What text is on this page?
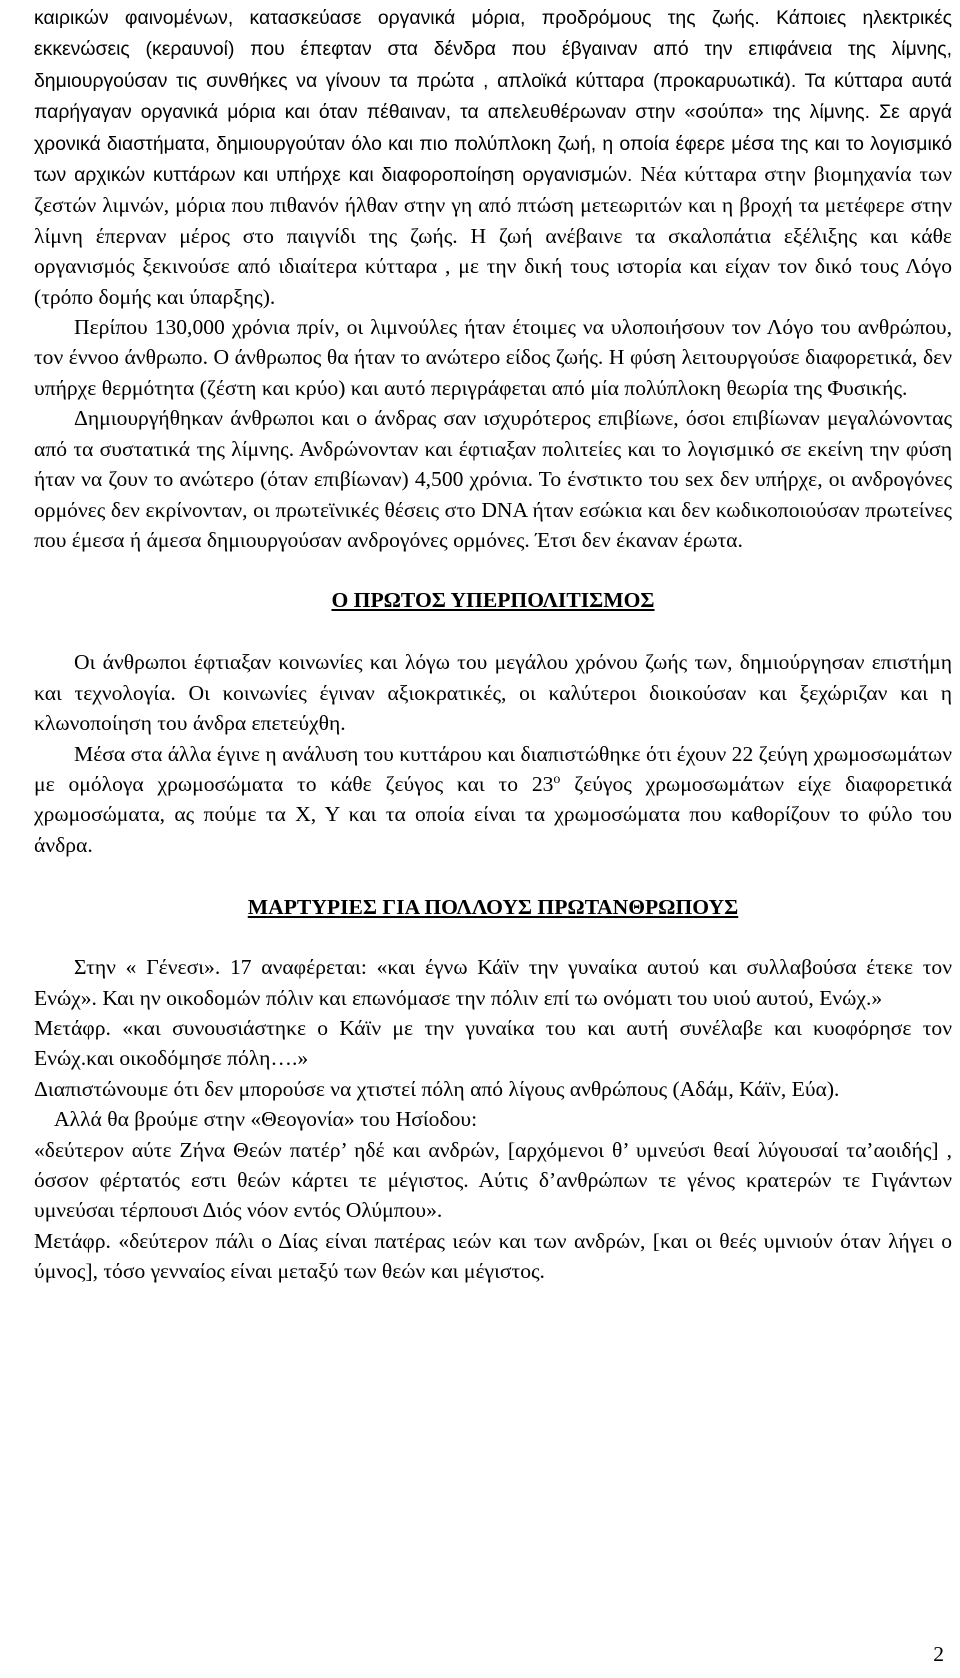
καιρικών φαινομένων, κατασκεύασε οργανικά μόρια, προδρόμους της ζωής. Κάποιες ηλεκτρικές εκκενώσεις (κεραυνοί) που έπεφταν στα δένδρα που έβγαιναν από την επιφάνεια της λίμνης, δημιουργούσαν τις συνθήκες να γίνουν τα πρώτα , απλοϊκά κύτταρα (προκαρυωτικά). Τα κύτταρα αυτά παρήγαγαν οργανικά μόρια και όταν πέθαιναν, τα απελευθέρωναν στην «σούπα» της λίμνης. Σε αργά χρονικά διαστήματα, δημιουργούταν όλο και πιο πολύπλοκη ζωή, η οποία έφερε μέσα της και το λογισμικό των αρχικών κυττάρων και υπήρχε και διαφοροποίηση οργανισμών. Νέα κύτταρα στην βιομηχανία των ζεστών λιμνών, μόρια που πιθανόν ήλθαν στην γη από πτώση μετεωριτών και η βροχή τα μετέφερε στην λίμνη έπερναν μέρος στο παιγνίδι της ζωής. Η ζωή ανέβαινε τα σκαλοπάτια εξέλιξης και κάθε οργανισμός ξεκινούσε από ιδιαίτερα κύτταρα , με την δική τους ιστορία και είχαν τον δικό τους Λόγο (τρόπο δομής και ύπαρξης).

Περίπου 130,000 χρόνια πρίν, οι λιμνούλες ήταν έτοιμες να υλοποιήσουν τον Λόγο του ανθρώπου, τον έννοο άνθρωπο. Ο άνθρωπος θα ήταν το ανώτερο είδος ζωής. Η φύση λειτουργούσε διαφορετικά, δεν υπήρχε θερμότητα (ζέστη και κρύο) και αυτό περιγράφεται από μία πολύπλοκη θεωρία της Φυσικής.

Δημιουργήθηκαν άνθρωποι και ο άνδρας σαν ισχυρότερος επιβίωνε, όσοι επιβίωναν μεγαλώνοντας από τα συστατικά της λίμνης. Ανδρώνονταν και έφτιαξαν πολιτείες και το λογισμικό σε εκείνη την φύση ήταν να ζουν το ανώτερο (όταν επιβίωναν) 4,500 χρόνια. Το ένστικτο του sex δεν υπήρχε, οι ανδρογόνες ορμόνες δεν εκρίνονταν, οι πρωτεϊνικές θέσεις στο DNA ήταν εσώκια και δεν κωδικοποιούσαν πρωτείνες που έμεσα ή άμεσα δημιουργούσαν ανδρογόνες ορμόνες. Έτσι δεν έκαναν έρωτα.

Ο ΠΡΩΤΟΣ ΥΠΕΡΠΟΛΙΤΙΣΜΟΣ

Οι άνθρωποι έφτιαξαν κοινωνίες και λόγω του μεγάλου χρόνου ζωής των, δημιούργησαν επιστήμη και τεχνολογία. Οι κοινωνίες έγιναν αξιοκρατικές, οι καλύτεροι διοικούσαν και ξεχώριζαν και η κλωνοποίηση του άνδρα επετεύχθη.

Μέσα στα άλλα έγινε η ανάλυση του κυττάρου και διαπιστώθηκε ότι έχουν 22 ζεύγη χρωμοσωμάτων με ομόλογα χρωμοσώματα το κάθε ζεύγος και το $23^o$ ζεύγος χρωμοσωμάτων είχε διαφορετικά χρωμοσώματα, ας πούμε τα Χ, Υ και τα οποία είναι τα χρωμοσώματα που καθορίζουν το φύλο του άνδρα.

ΜΑΡΤΥΡΙΕΣ ΓΙΑ ΠΟΛΛΟΥΣ ΠΡΩΤΑΝΘΡΩΠΟΥΣ

Στην « Γένεσι». 17 αναφέρεται: «και έγνω Κάϊν την γυναίκα αυτού και συλλαβούσα έτεκε τον Ενώχ». Και ην οικοδομών πόλιν και επωνόμασε την πόλιν επί τω ονόματι του υιού αυτού, Ενώχ.»

Μετάφρ. «και συνουσιάστηκε ο Κάϊν με την γυναίκα του και αυτή συνέλαβε και κυοφόρησε τον Ενώχ.και οικοδόμησε πόλη….»

Διαπιστώνουμε ότι δεν μπορούσε να χτιστεί πόλη από λίγους ανθρώπους (Αδάμ, Κάϊν, Εύα).

Αλλά θα βρούμε στην «Θεογονία» του Ησίοδου:

«δεύτερον αύτε Ζήνα Θεών πατέρ’ ηδέ και ανδρών, [αρχόμενοι θ’ υμνεύσι θεαί λύγουσαί τα’αοιδής] , όσσον φέρτατός εστι θεών κάρτει τε μέγιστος. Αύτις δ’ανθρώπων τε γένος κρατερών τε Γιγάντων υμνεύσαι τέρπουσι Διός νόον εντός Ολύμπου».

Μετάφρ. «δεύτερον πάλι ο Δίας είναι πατέρας ιεών και των ανδρών, [και οι θεές υμνιούν όταν λήγει ο ύμνος], τόσο γενναίος είναι μεταξύ των θεών και μέγιστος.

2
